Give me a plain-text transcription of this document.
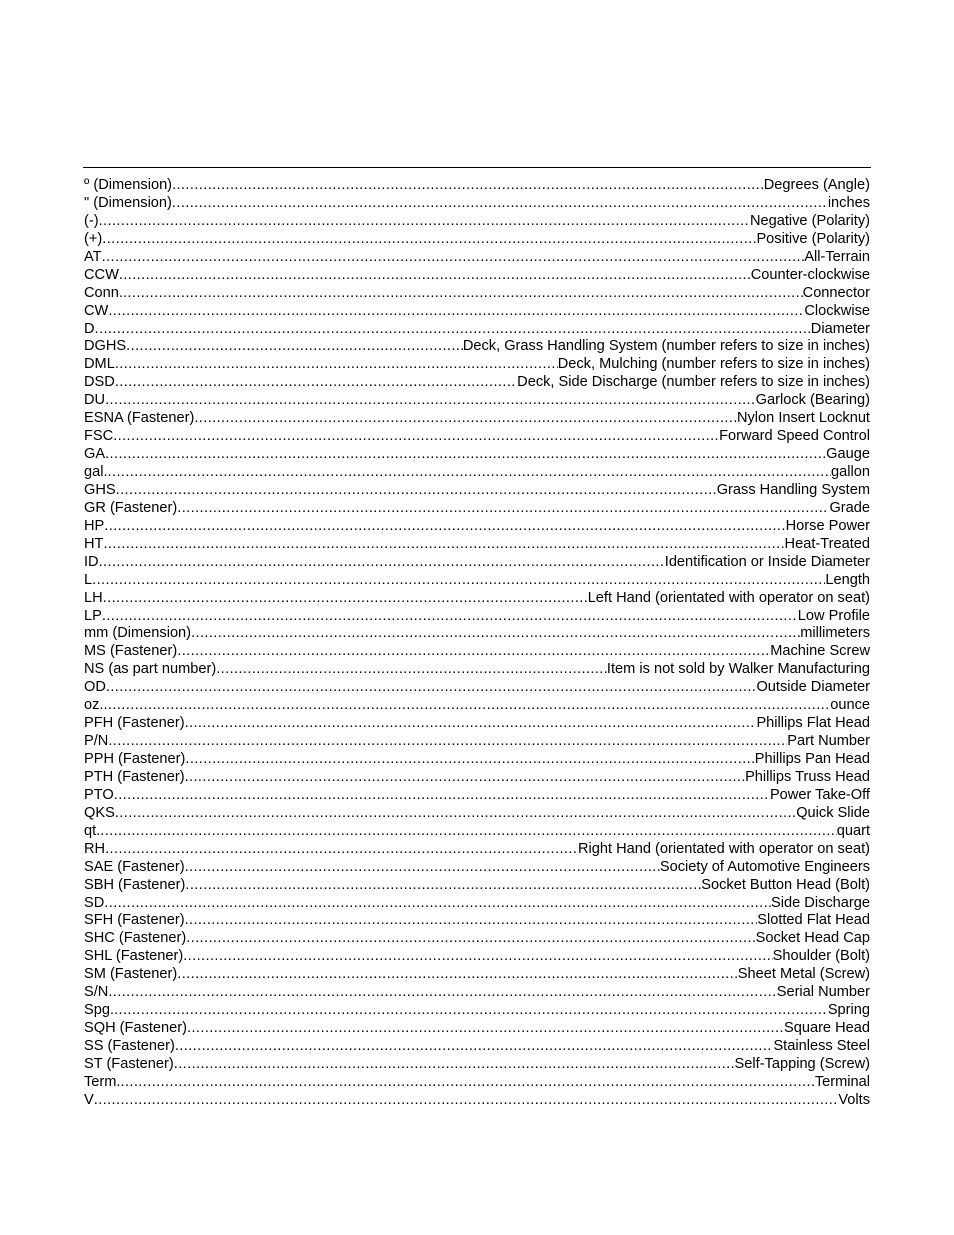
º (Dimension) .....	Degrees (Angle)
" (Dimension) .....	inches
(-) .....	Negative (Polarity)
(+) .....	Positive (Polarity)
AT .....	All-Terrain
CCW .....	Counter-clockwise
Conn. .....	Connector
CW .....	Clockwise
D .....	Diameter
DGHS .....	Deck, Grass Handling System (number refers to size in inches)
DML .....	Deck, Mulching (number refers to size in inches)
DSD .....	Deck, Side Discharge (number refers to size in inches)
DU .....	Garlock (Bearing)
ESNA (Fastener) .....	Nylon Insert Locknut
FSC .....	Forward Speed Control
GA .....	Gauge
gal. .....	gallon
GHS .....	Grass Handling System
GR (Fastener) .....	Grade
HP .....	Horse Power
HT .....	Heat-Treated
ID .....	Identification or Inside Diameter
L .....	Length
LH .....	Left Hand (orientated with operator on seat)
LP .....	Low Profile
mm (Dimension) .....	millimeters
MS (Fastener) .....	Machine Screw
NS (as part number) .....	Item is not sold by Walker Manufacturing
OD .....	Outside Diameter
oz. .....	ounce
PFH (Fastener) .....	Phillips Flat Head
P/N .....	Part Number
PPH (Fastener) .....	Phillips Pan Head
PTH (Fastener) .....	Phillips Truss Head
PTO .....	Power Take-Off
QKS .....	Quick Slide
qt. .....	quart
RH .....	Right Hand (orientated with operator on seat)
SAE (Fastener) .....	Society of Automotive Engineers
SBH (Fastener) .....	Socket Button Head (Bolt)
SD .....	Side Discharge
SFH (Fastener) .....	Slotted Flat Head
SHC (Fastener) .....	Socket Head Cap
SHL (Fastener) .....	Shoulder (Bolt)
SM (Fastener) .....	Sheet Metal (Screw)
S/N .....	Serial Number
Spg. .....	Spring
SQH (Fastener) .....	Square Head
SS (Fastener) .....	Stainless Steel
ST (Fastener) .....	Self-Tapping (Screw)
Term. .....	Terminal
V .....	Volts
